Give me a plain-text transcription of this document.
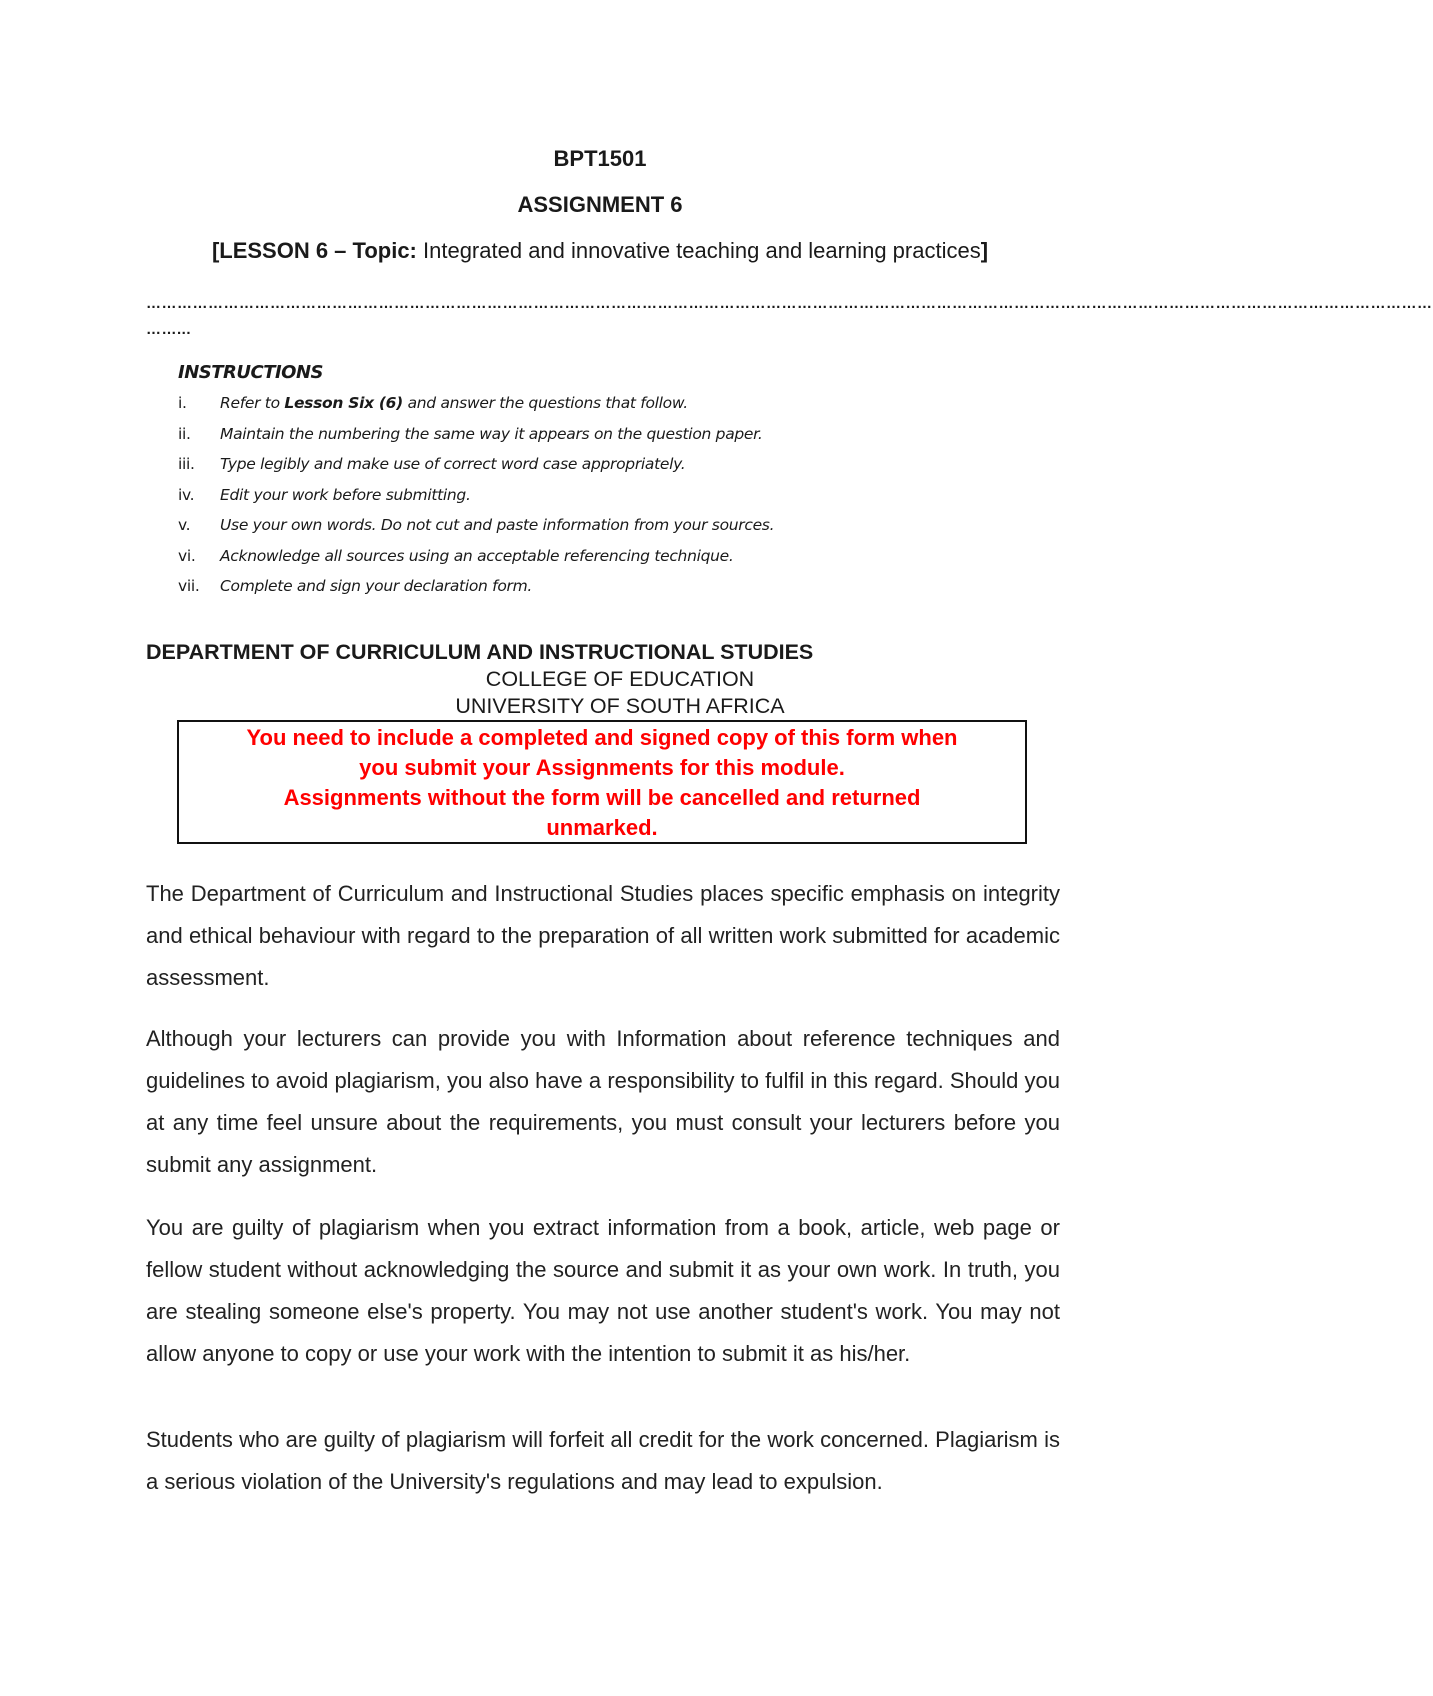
BPT1501
ASSIGNMENT 6
[LESSON 6 – Topic: Integrated and innovative teaching and learning practices]
……………………………………………………………………………………………………………………………………………………………………………………………………………………………
……...
INSTRUCTIONS
i. Refer to Lesson Six (6) and answer the questions that follow.
ii. Maintain the numbering the same way it appears on the question paper.
iii. Type legibly and make use of correct word case appropriately.
iv. Edit your work before submitting.
v. Use your own words. Do not cut and paste information from your sources.
vi. Acknowledge all sources using an acceptable referencing technique.
vii. Complete and sign your declaration form.
DEPARTMENT OF CURRICULUM AND INSTRUCTIONAL STUDIES
COLLEGE OF EDUCATION
UNIVERSITY OF SOUTH AFRICA
You need to include a completed and signed copy of this form when
you submit your Assignments for this module.
Assignments without the form will be cancelled and returned
unmarked.
The Department of Curriculum and Instructional Studies places specific emphasis on integrity and ethical behaviour with regard to the preparation of all written work submitted for academic assessment.
Although your lecturers can provide you with Information about reference techniques and guidelines to avoid plagiarism, you also have a responsibility to fulfil in this regard. Should you at any time feel unsure about the requirements, you must consult your lecturers before you submit any assignment.
You are guilty of plagiarism when you extract information from a book, article, web page or fellow student without acknowledging the source and submit it as your own work. In truth, you are stealing someone else's property. You may not use another student's work. You may not allow anyone to copy or use your work with the intention to submit it as his/her.
Students who are guilty of plagiarism will forfeit all credit for the work concerned. Plagiarism is a serious violation of the University's regulations and may lead to expulsion.
